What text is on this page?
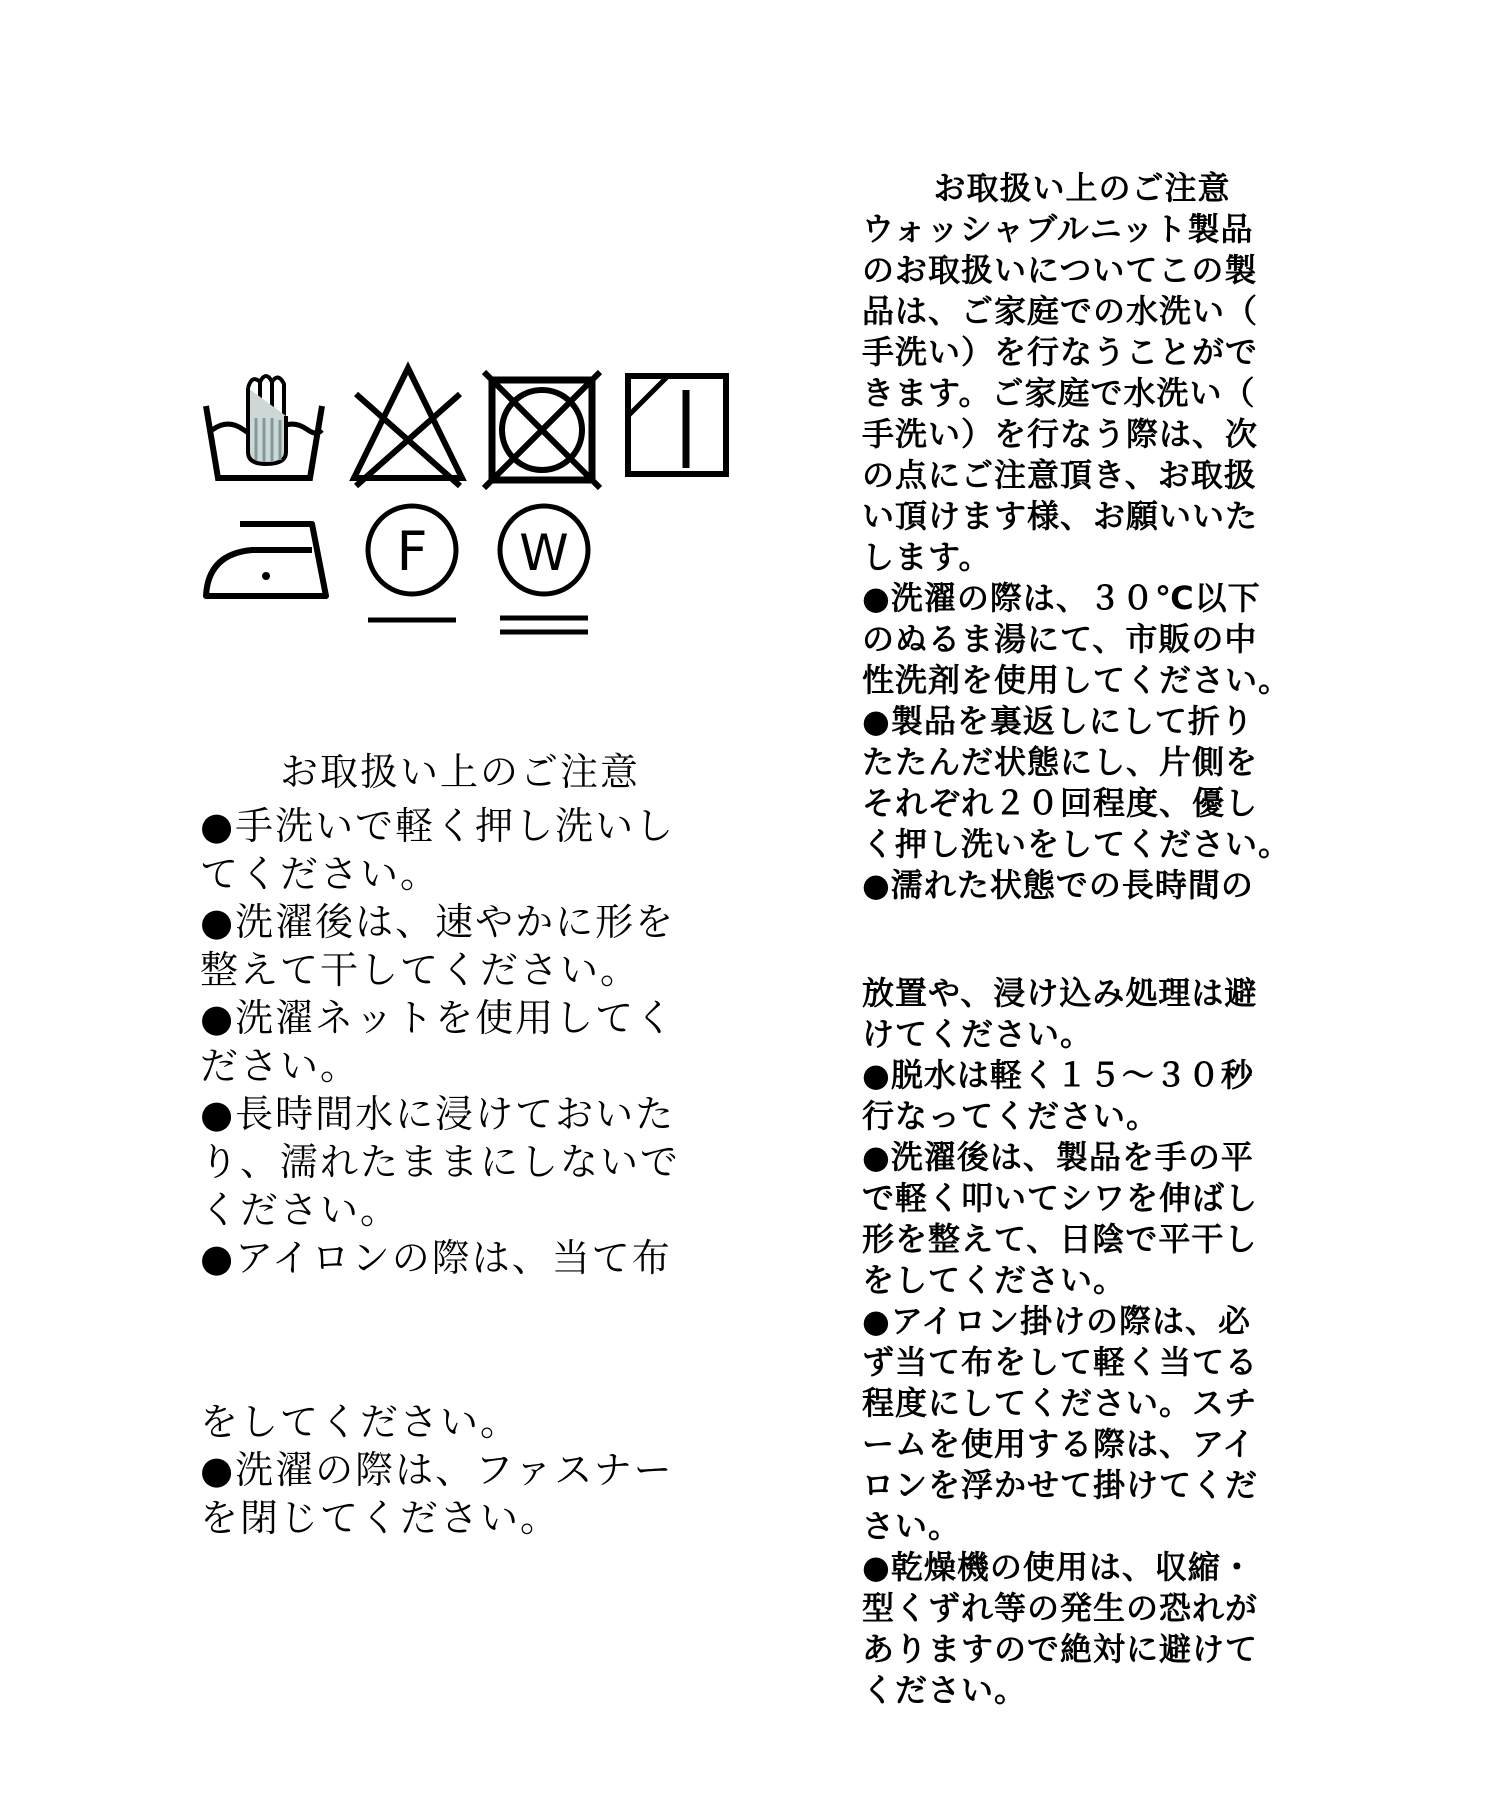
F W
お取扱い上のご注意
●手洗いで軽く押し洗いし
てください。
●洗濯後は、速やかに形を
整えて干してください。
●洗濯ネットを使用してく
ださい。
●長時間水に浸けておいた
り、濡れたままにしないで
ください。
●アイロンの際は、当て布
をしてください。
●洗濯の際は、ファスナー
を閉じてください。
お取扱い上のご注意
ウォッシャブルニット製品
のお取扱いについてこの製
品は、ご家庭での水洗い（
手洗い）を行なうことがで
きます。ご家庭で水洗い（
手洗い）を行なう際は、次
の点にご注意頂き、お取扱
い頂けます様、お願いいた
します。
●洗濯の際は、３０℃以下
のぬるま湯にて、市販の中
性洗剤を使用してください。
●製品を裏返しにして折り
たたんだ状態にし、片側を
それぞれ２０回程度、優し
く押し洗いをしてください。
●濡れた状態での長時間の
放置や、浸け込み処理は避
けてください。
●脱水は軽く１５～３０秒
行なってください。
●洗濯後は、製品を手の平
で軽く叩いてシワを伸ばし
形を整えて、日陰で平干し
をしてください。
●アイロン掛けの際は、必
ず当て布をして軽く当てる
程度にしてください。スチ
ームを使用する際は、アイ
ロンを浮かせて掛けてくだ
さい。
●乾燥機の使用は、収縮・
型くずれ等の発生の恐れが
ありますので絶対に避けて
ください。
